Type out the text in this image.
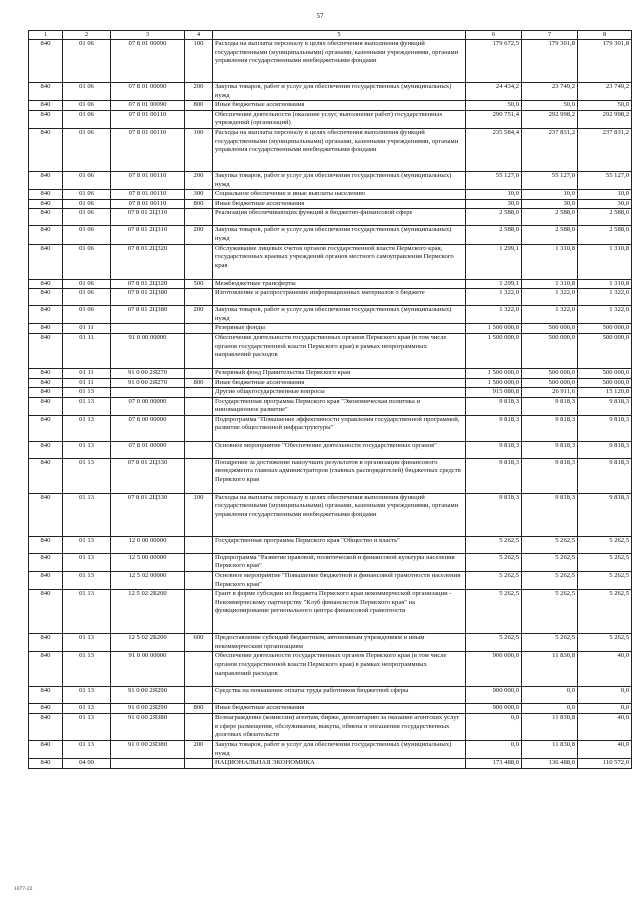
57
1	2	3	4	5	6	7	8
840	01 06	07 8 01 00090	100	Расходы на выплаты персоналу в целях обеспечения выполнения функций государственными (муниципальными) органами, казенными учреждениями, органами управления государственными внебюджетными фондами	179 672,5	179 301,8	179 301,8
840	01 06	07 8 01 00090	200	Закупка товаров, работ и услуг для обеспечения государственных (муниципальных) нужд	24 434,2	23 749,2	23 749,2
840	01 06	07 8 01 00090	800	Иные бюджетные ассигнования	50,0	50,0	50,0
840	01 06	07 8 01 00110		Обеспечение деятельности (оказание услуг, выполнение работ) государственных учреждений (организаций)	290 751,4	292 998,2	292 998,2
840	01 06	07 8 01 00110	100	Расходы на выплаты персоналу в целях обеспечения выполнения функций государственными (муниципальными) органами, казенными учреждениями, органами управления государственными внебюджетными фондами	235 584,4	237 831,2	237 831,2
840	01 06	07 8 01 00110	200	Закупка товаров, работ и услуг для обеспечения государственных (муниципальных) нужд	55 127,0	55 127,0	55 127,0
840	01 06	07 8 01 00110	300	Социальное обеспечение и иные выплаты населению	10,0	10,0	10,0
840	01 06	07 8 01 00110	800	Иные бюджетные ассигнования	30,0	30,0	30,0
840	01 06	07 8 01 2Ц310		Реализация обеспечивающих функций в бюджетно-финансовой сфере	2 588,0	2 588,0	2 588,0
840	01 06	07 8 01 2Ц310	200	Закупка товаров, работ и услуг для обеспечения государственных (муниципальных) нужд	2 588,0	2 588,0	2 588,0
840	01 06	07 8 01 2Ц320		Обслуживание лицевых счетов органов государственной власти Пермского края, государственных краевых учреждений органов местного самоуправления Пермского края	1 299,1	1 310,8	1 310,8
840	01 06	07 8 01 2Ц320	500	Межбюджетные трансферты	1 299,1	1 310,8	1 310,8
840	01 06	07 8 01 2Ц380		Изготовление и распространение информационных материалов о бюджете	1 322,0	1 322,0	1 322,0
840	01 06	07 8 01 2Ц380	200	Закупка товаров, работ и услуг для обеспечения государственных (муниципальных) нужд	1 322,0	1 322,0	1 322,0
840	01 11			Резервные фонды	1 500 000,0	500 000,0	500 000,0
840	01 11	91 0 00 00000		Обеспечение деятельности государственных органов Пермского края (в том числе органов государственной власти Пермского края) в рамках непрограммных направлений расходов	1 500 000,0	500 000,0	500 000,0
840	01 11	91 0 00 2Я270		Резервный фонд Правительства Пермского края	1 500 000,0	500 000,0	500 000,0
840	01 11	91 0 00 2Я270	800	Иные бюджетные ассигнования	1 500 000,0	500 000,0	500 000,0
840	01 13			Другие общегосударственные вопросы	915 080,8	26 911,6	15 120,8
840	01 13	07 0 00 00000		Государственная программа Пермского края "Экономическая политика и инновационное развитие"	9 818,3	9 818,3	9 818,3
840	01 13	07 8 00 00000		Подпрограмма "Повышение эффективности управления государственной программой, развитие общественной инфраструктуры"	9 818,3	9 818,3	9 818,3
840	01 13	07 8 01 00000		Основное мероприятие "Обеспечение деятельности государственных органов"	9 818,3	9 818,3	9 818,3
840	01 13	07 8 01 2Ц330		Поощрение за достижение наилучших результатов в организации финансового менеджмента главных администраторов (главных распорядителей) бюджетных средств Пермского края	9 818,3	9 818,3	9 818,3
840	01 13	07 8 01 2Ц330	100	Расходы на выплаты персоналу в целях обеспечения выполнения функций государственными (муниципальными) органами, казенными учреждениями, органами управления государственными внебюджетными фондами	9 818,3	9 818,3	9 818,3
840	01 13	12 0 00 00000		Государственная программа Пермского края "Общество и власть"	5 262,5	5 262,5	5 262,5
840	01 13	12 5 00 00000		Подпрограмма "Развитие правовой, политической и финансовой культуры населения Пермского края"	5 262,5	5 262,5	5 262,5
840	01 13	12 5 02 00000		Основное мероприятие "Повышение бюджетной и финансовой грамотности населения Пермского края"	5 262,5	5 262,5	5 262,5
840	01 13	12 5 02 2Б200		Грант в форме субсидии из бюджета Пермского края некоммерческой организации - Некоммерческому партнерству "Клуб финансистов Пермского края" на функционирование регионального центра финансовой грамотности	5 262,5	5 262,5	5 262,5
840	01 13	12 5 02 2Б200	600	Предоставление субсидий бюджетным, автономным учреждениям и иным некоммерческим организациям	5 262,5	5 262,5	5 262,5
840	01 13	91 0 00 00000		Обеспечение деятельности государственных органов Пермского края (в том числе органов государственной власти Пермского края) в рамках непрограммных направлений расходов	900 000,0	11 830,8	40,0
840	01 13	91 0 00 2Я290		Средства на повышение оплаты труда работников бюджетной сферы	900 000,0	0,0	0,0
840	01 13	91 0 00 2Я290	800	Иные бюджетные ассигнования	900 000,0	0,0	0,0
840	01 13	91 0 00 2Я380		Вознаграждение (комиссии) агентам, бирже, депозитарию за оказание агентских услуг в сфере размещения, обслуживания, выкупа, обмена и погашения государственных долговых обязательств	0,0	11 830,8	40,0
840	01 13	91 0 00 2Я380	200	Закупка товаров, работ и услуг для обеспечения государственных (муниципальных) нужд	0,0	11 830,8	40,0
840	04 00			НАЦИОНАЛЬНАЯ ЭКОНОМИКА	173 488,0	136 488,0	110 572,0
1077-22
